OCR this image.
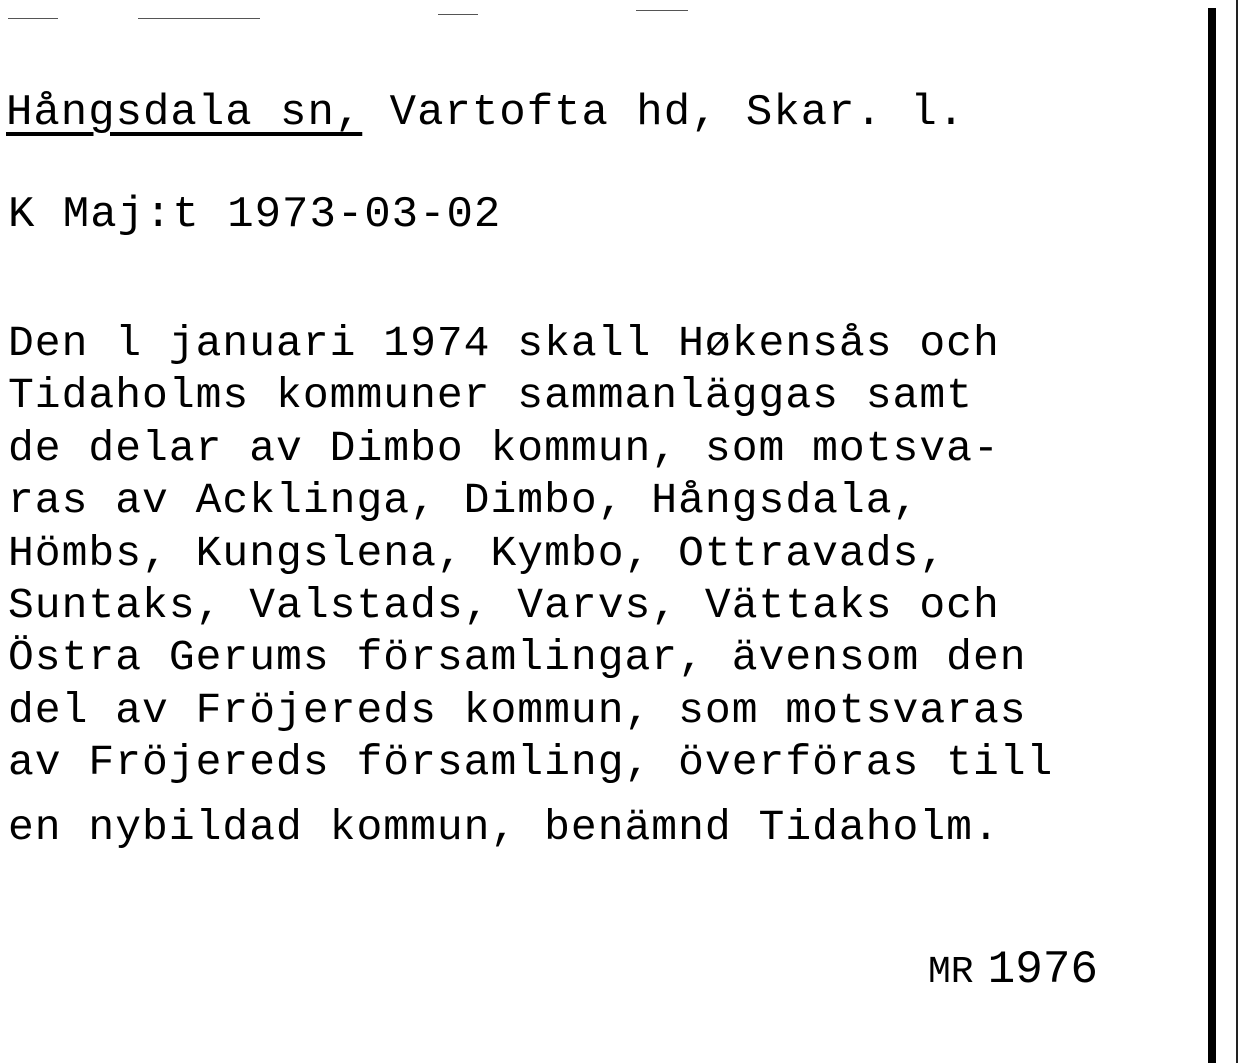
Hångsdala sn, Vartofta hd, Skar. l.
K Maj:t 1973-03-02
Den l januari 1974 skall Høkensås och
Tidaholms kommuner sammanläggas samt
de delar av Dimbo kommun, som motsva-
ras av Acklinga, Dimbo, Hångsdala,
Hömbs, Kungslena, Kymbo, Ottravads,
Suntaks, Valstads, Varvs, Vättaks och
Östra Gerums församlingar, ävensom den
del av Fröjereds kommun, som motsvaras
av Fröjereds församling, överföras till
en nybildad kommun, benämnd Tidaholm.
MR 1976
